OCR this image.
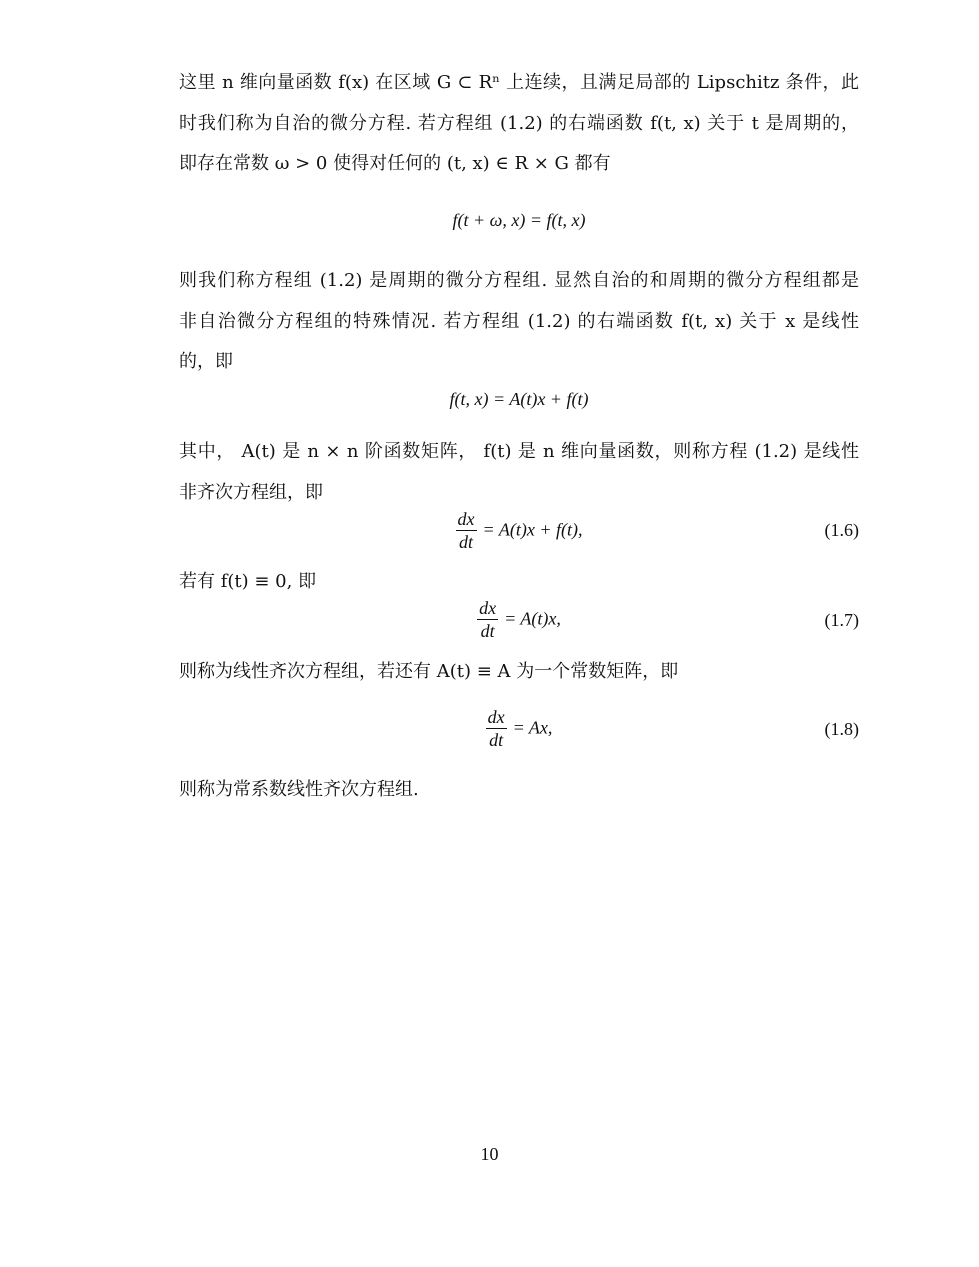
这里 n 维向量函数 f(x) 在区域 G ⊂ Rⁿ 上连续，且满足局部的 Lipschitz 条件，此
时我们称为自治的微分方程. 若方程组 (1.2) 的右端函数 f(t, x) 关于 t 是周期的，
即存在常数 ω > 0 使得对任何的 (t, x) ∈ R × G 都有
f(t + ω, x) = f(t, x)
则我们称方程组 (1.2) 是周期的微分方程组. 显然自治的和周期的微分方程组都是
非自治微分方程组的特殊情况. 若方程组 (1.2) 的右端函数 f(t, x) 关于 x 是线性
的，即
f(t, x) = A(t)x + f(t)
其中， A(t) 是 n × n 阶函数矩阵， f(t) 是 n 维向量函数，则称方程 (1.2) 是线性
非齐次方程组，即
$\frac{dx}{dt} = A(t)x + f(t)$,	(1.6)
若有 f(t) ≡ 0, 即
$\frac{dx}{dt} = A(t)x$,	(1.7)
则称为线性齐次方程组，若还有 A(t) ≡ A 为一个常数矩阵，即
$\frac{dx}{dt} = Ax$,	(1.8)
则称为常系数线性齐次方程组.
10
